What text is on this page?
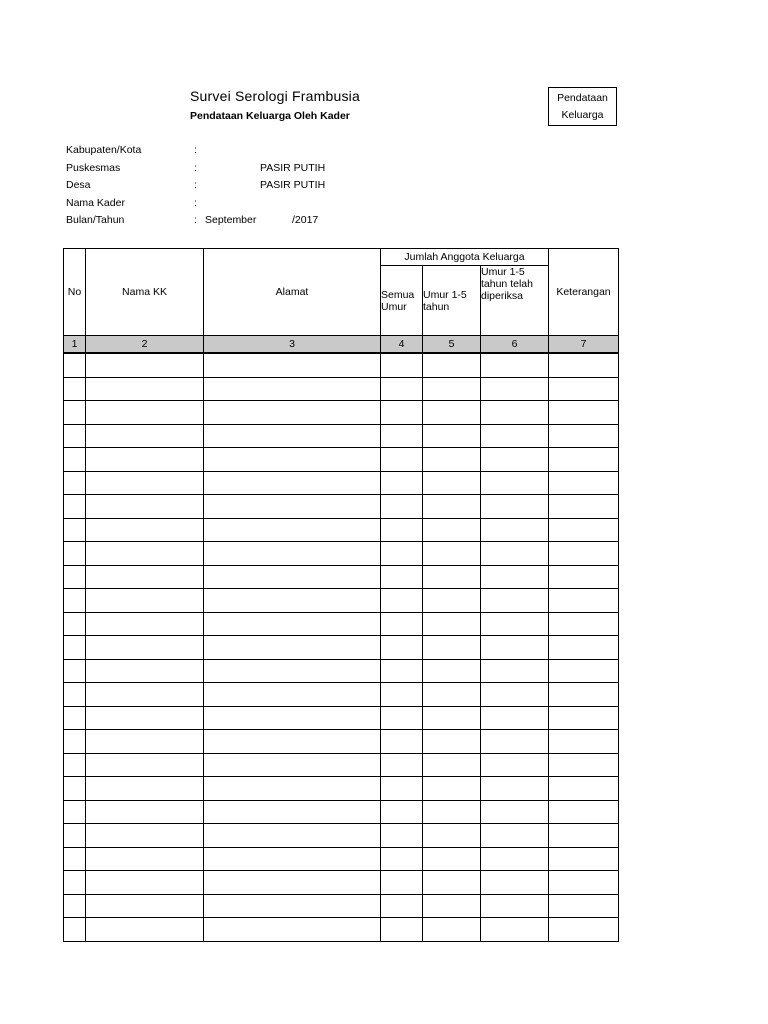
Survei Serologi Frambusia
Pendataan Keluarga Oleh Kader
Pendataan
Keluarga
Kabupaten/Kota	:
Puskesmas	:	PASIR PUTIH
Desa	:	PASIR PUTIH
Nama Kader	:
Bulan/Tahun	: September	/2017
No	Nama KK	Alamat	Jumlah Anggota Keluarga			Keterangan
			Semua Umur	Umur 1-5 tahun	Umur 1-5 tahun telah diperiksa	
1	2	3	4	5	6	7
